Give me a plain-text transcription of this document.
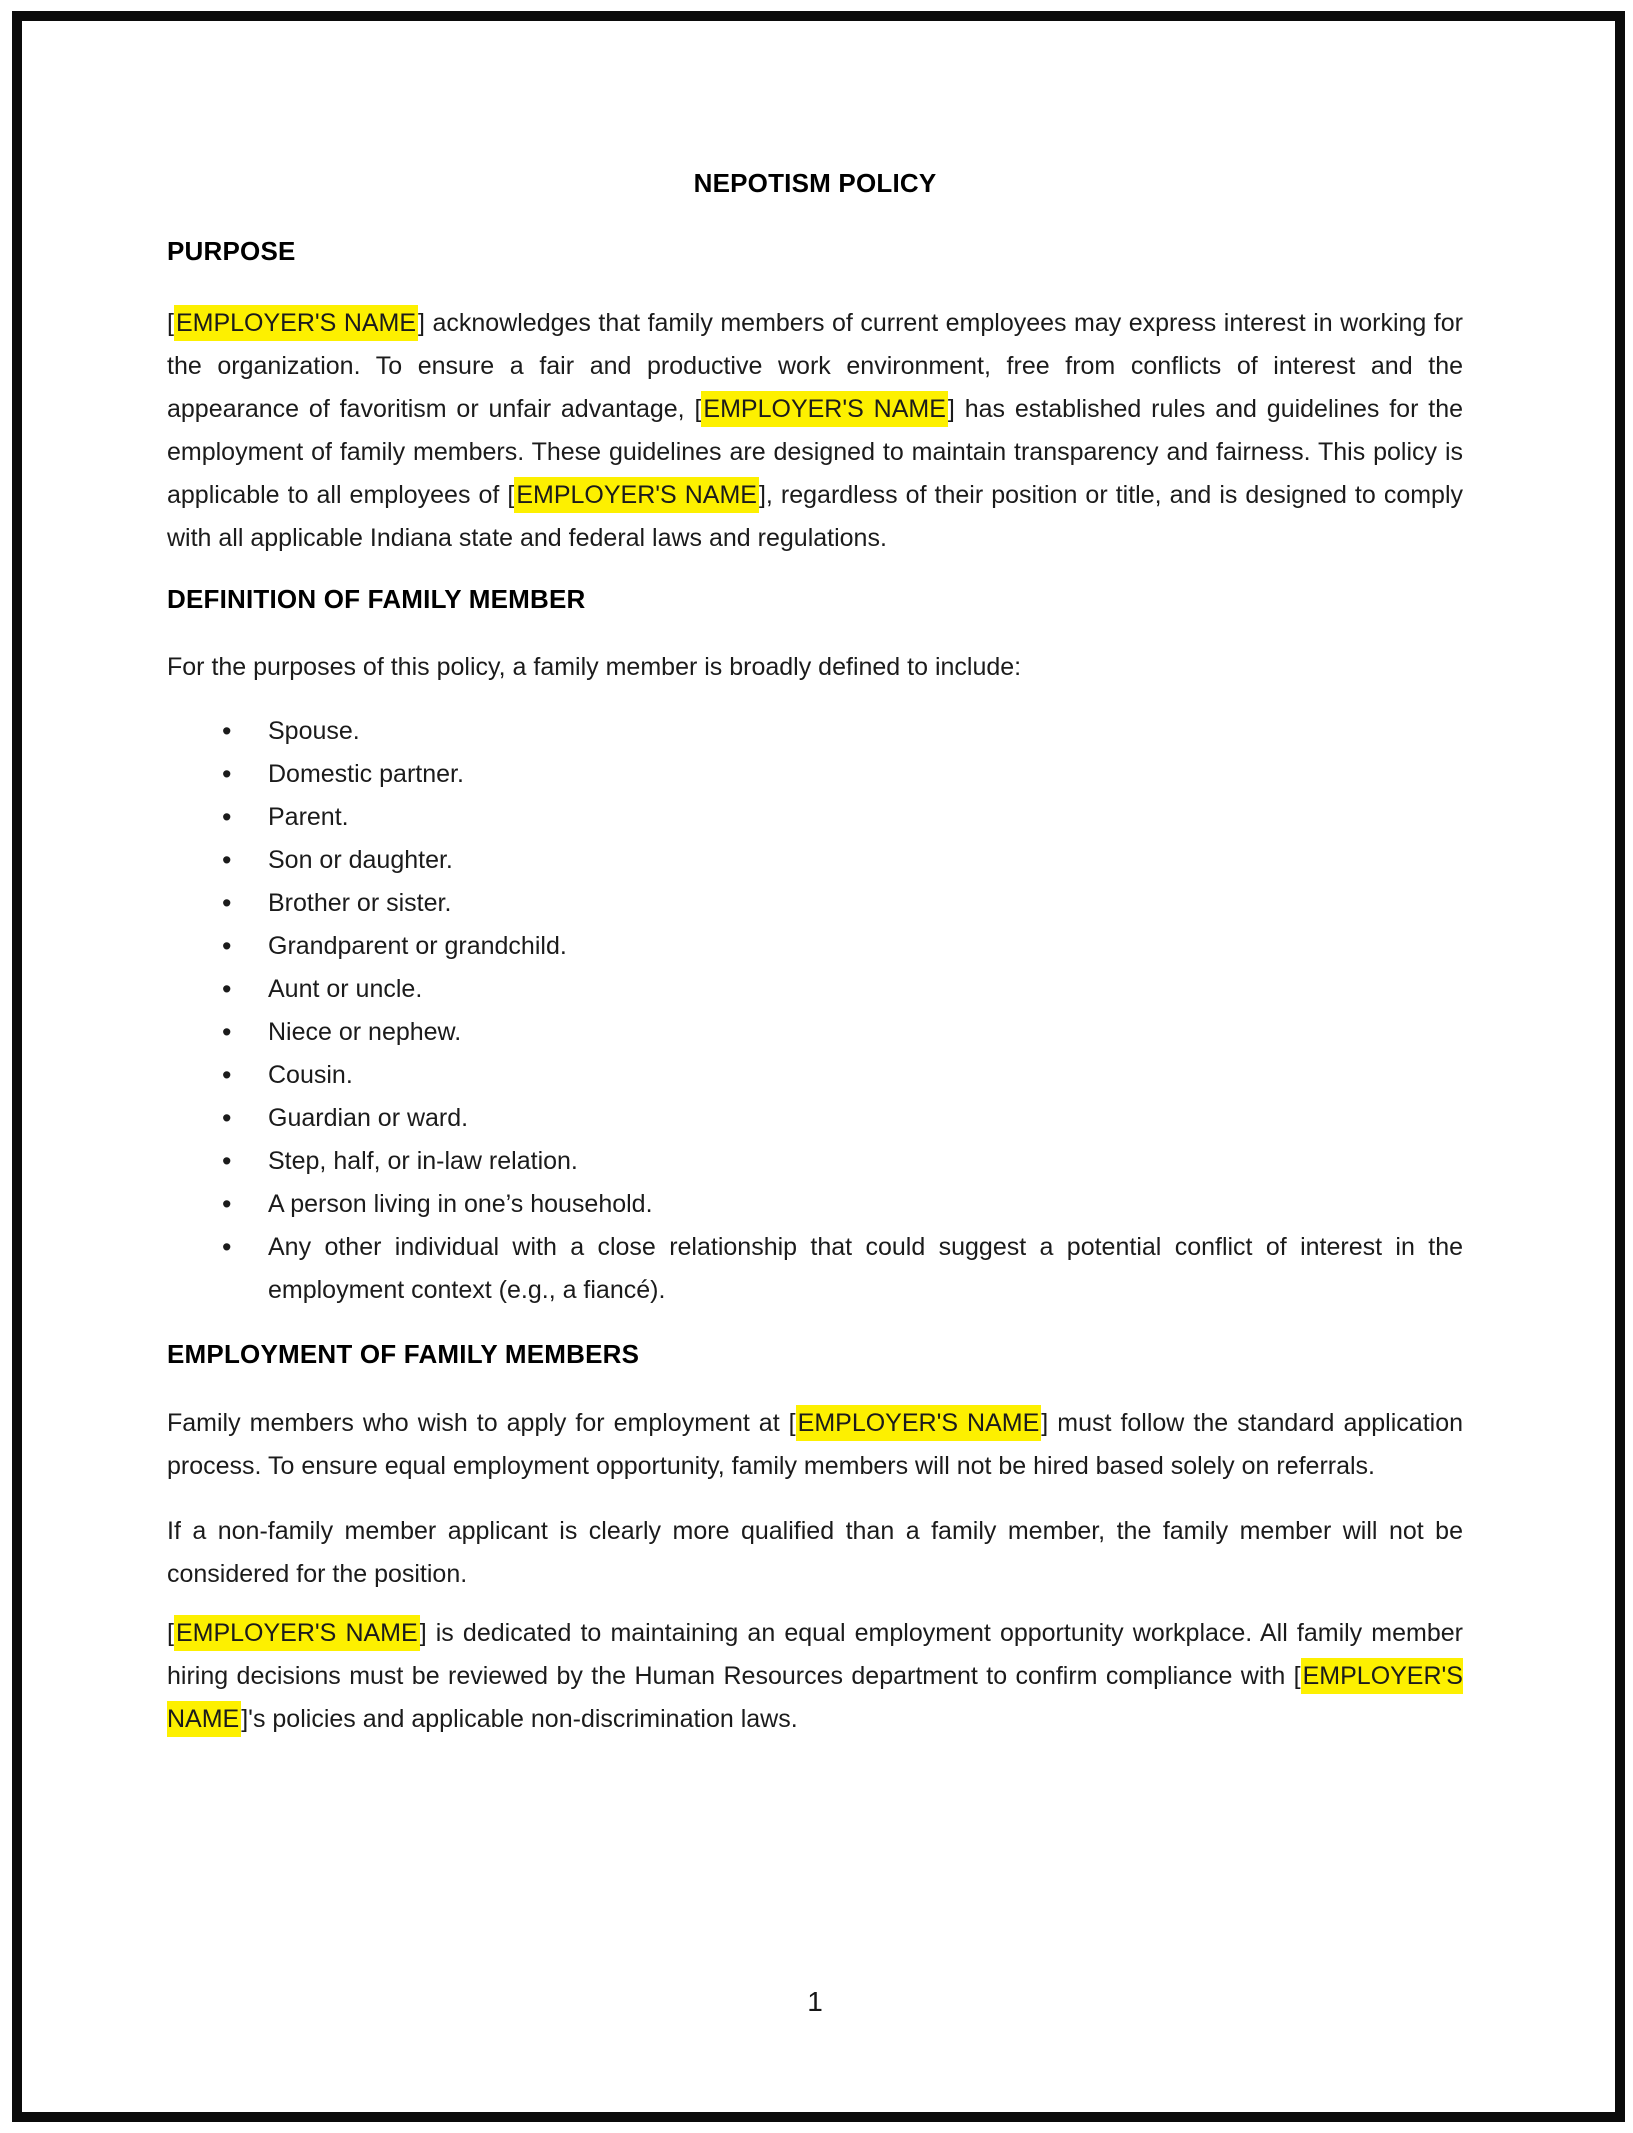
NEPOTISM POLICY
PURPOSE

[EMPLOYER'S NAME] acknowledges that family members of current employees may express interest in working for the organization. To ensure a fair and productive work environment, free from conflicts of interest and the appearance of favoritism or unfair advantage, [EMPLOYER'S NAME] has established rules and guidelines for the employment of family members. These guidelines are designed to maintain transparency and fairness. This policy is applicable to all employees of [EMPLOYER'S NAME], regardless of their position or title, and is designed to comply with all applicable Indiana state and federal laws and regulations.

DEFINITION OF FAMILY MEMBER

For the purposes of this policy, a family member is broadly defined to include:

• Spouse.
• Domestic partner.
• Parent.
• Son or daughter.
• Brother or sister.
• Grandparent or grandchild.
• Aunt or uncle.
• Niece or nephew.
• Cousin.
• Guardian or ward.
• Step, half, or in-law relation.
• A person living in one’s household.
• Any other individual with a close relationship that could suggest a potential conflict of interest in the employment context (e.g., a fiancé).
EMPLOYMENT OF FAMILY MEMBERS

Family members who wish to apply for employment at [EMPLOYER'S NAME] must follow the standard application process. To ensure equal employment opportunity, family members will not be hired based solely on referrals.

If a non-family member applicant is clearly more qualified than a family member, the family member will not be considered for the position.

[EMPLOYER'S NAME] is dedicated to maintaining an equal employment opportunity workplace. All family member hiring decisions must be reviewed by the Human Resources department to confirm compliance with [EMPLOYER'S NAME]'s policies and applicable non-discrimination laws.

1
